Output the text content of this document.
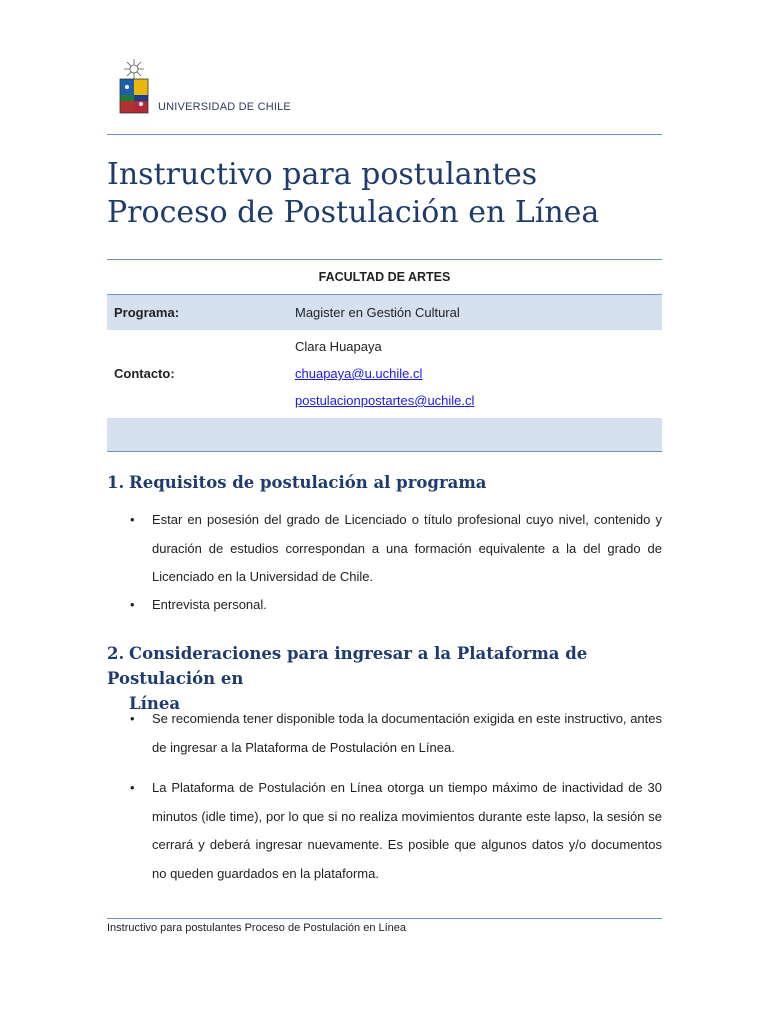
UNIVERSIDAD DE CHILE
Instructivo para postulantes
Proceso de Postulación en Línea
FACULTAD DE ARTES
Programa:	Magister en Gestión Cultural
Contacto:
Clara Huapaya
chuapaya@u.uchile.cl
postulacionpostartes@uchile.cl
1. Requisitos de postulación al programa
•	Estar en posesión del grado de Licenciado o título profesional cuyo nivel, contenido y duración de estudios correspondan a una formación equivalente a la del grado de Licenciado en la Universidad de Chile.
•	Entrevista personal.
2. Consideraciones para ingresar a la Plataforma de Postulación en
Línea
•	Se recomienda tener disponible toda la documentación exigida en este instructivo, antes de ingresar a la Plataforma de Postulación en Línea.
•	La Plataforma de Postulación en Línea otorga un tiempo máximo de inactividad de 30 minutos (idle time), por lo que si no realiza movimientos durante este lapso, la sesión se cerrará y deberá ingresar nuevamente. Es posible que algunos datos y/o documentos no queden guardados en la plataforma.
Instructivo para postulantes Proceso de Postulación en Línea
